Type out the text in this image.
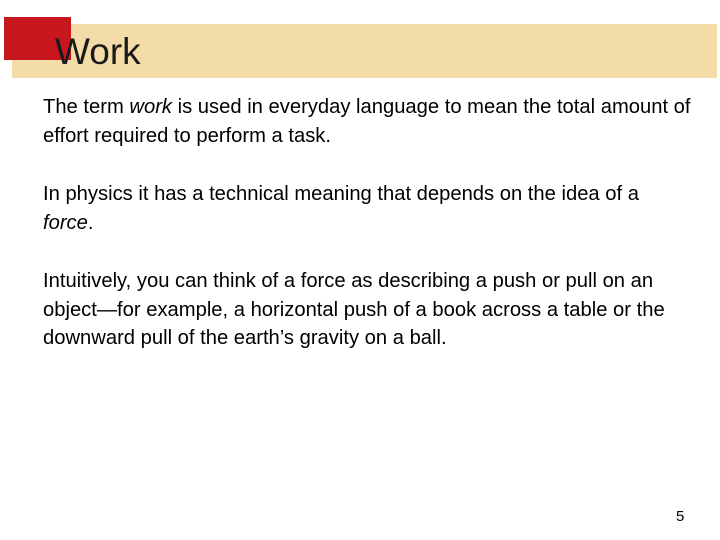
Work

The term work is used in everyday language to mean the total amount of effort required to perform a task.

In physics it has a technical meaning that depends on the idea of a force.

Intuitively, you can think of a force as describing a push or pull on an object—for example, a horizontal push of a book across a table or the downward pull of the earth’s gravity on a ball.

5
